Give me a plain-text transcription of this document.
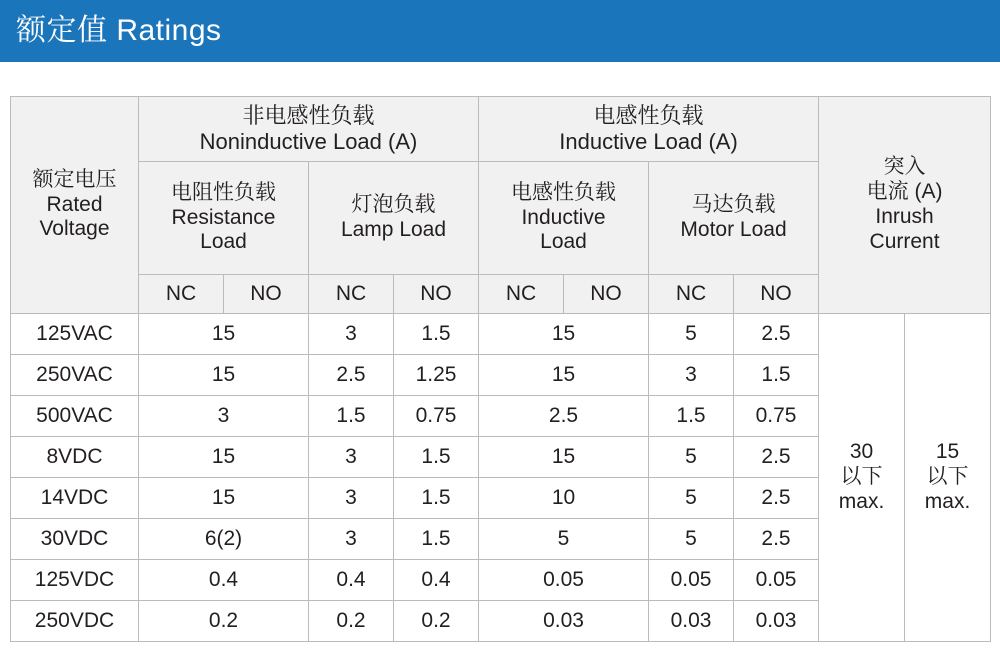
额定值 Ratings
额定电压
Rated
Voltage	非电感性负载
Noninductive Load (A)				电感性负载
Inductive Load (A)				突入
电流 (A)
Inrush
Current	

	电阻性负载
Resistance
Load		灯泡负载
Lamp Load		电感性负载
Inductive
Load		马达负载
Motor Load			

	NC	NO	NC	NO	NC	NO	NC	NO		
125VAC	15		3	1.5	15		5	2.5	30
以下
max.	15
以下
max.

250VAC	15		2.5	1.25	15		3	1.5		
500VAC	3		1.5	0.75	2.5		1.5	0.75		
8VDC	15		3	1.5	15		5	2.5		
14VDC	15		3	1.5	10		5	2.5		
30VDC	6(2)		3	1.5	5		5	2.5		
125VDC	0.4		0.4	0.4	0.05		0.05	0.05		
250VDC	0.2		0.2	0.2	0.03		0.03	0.03		
